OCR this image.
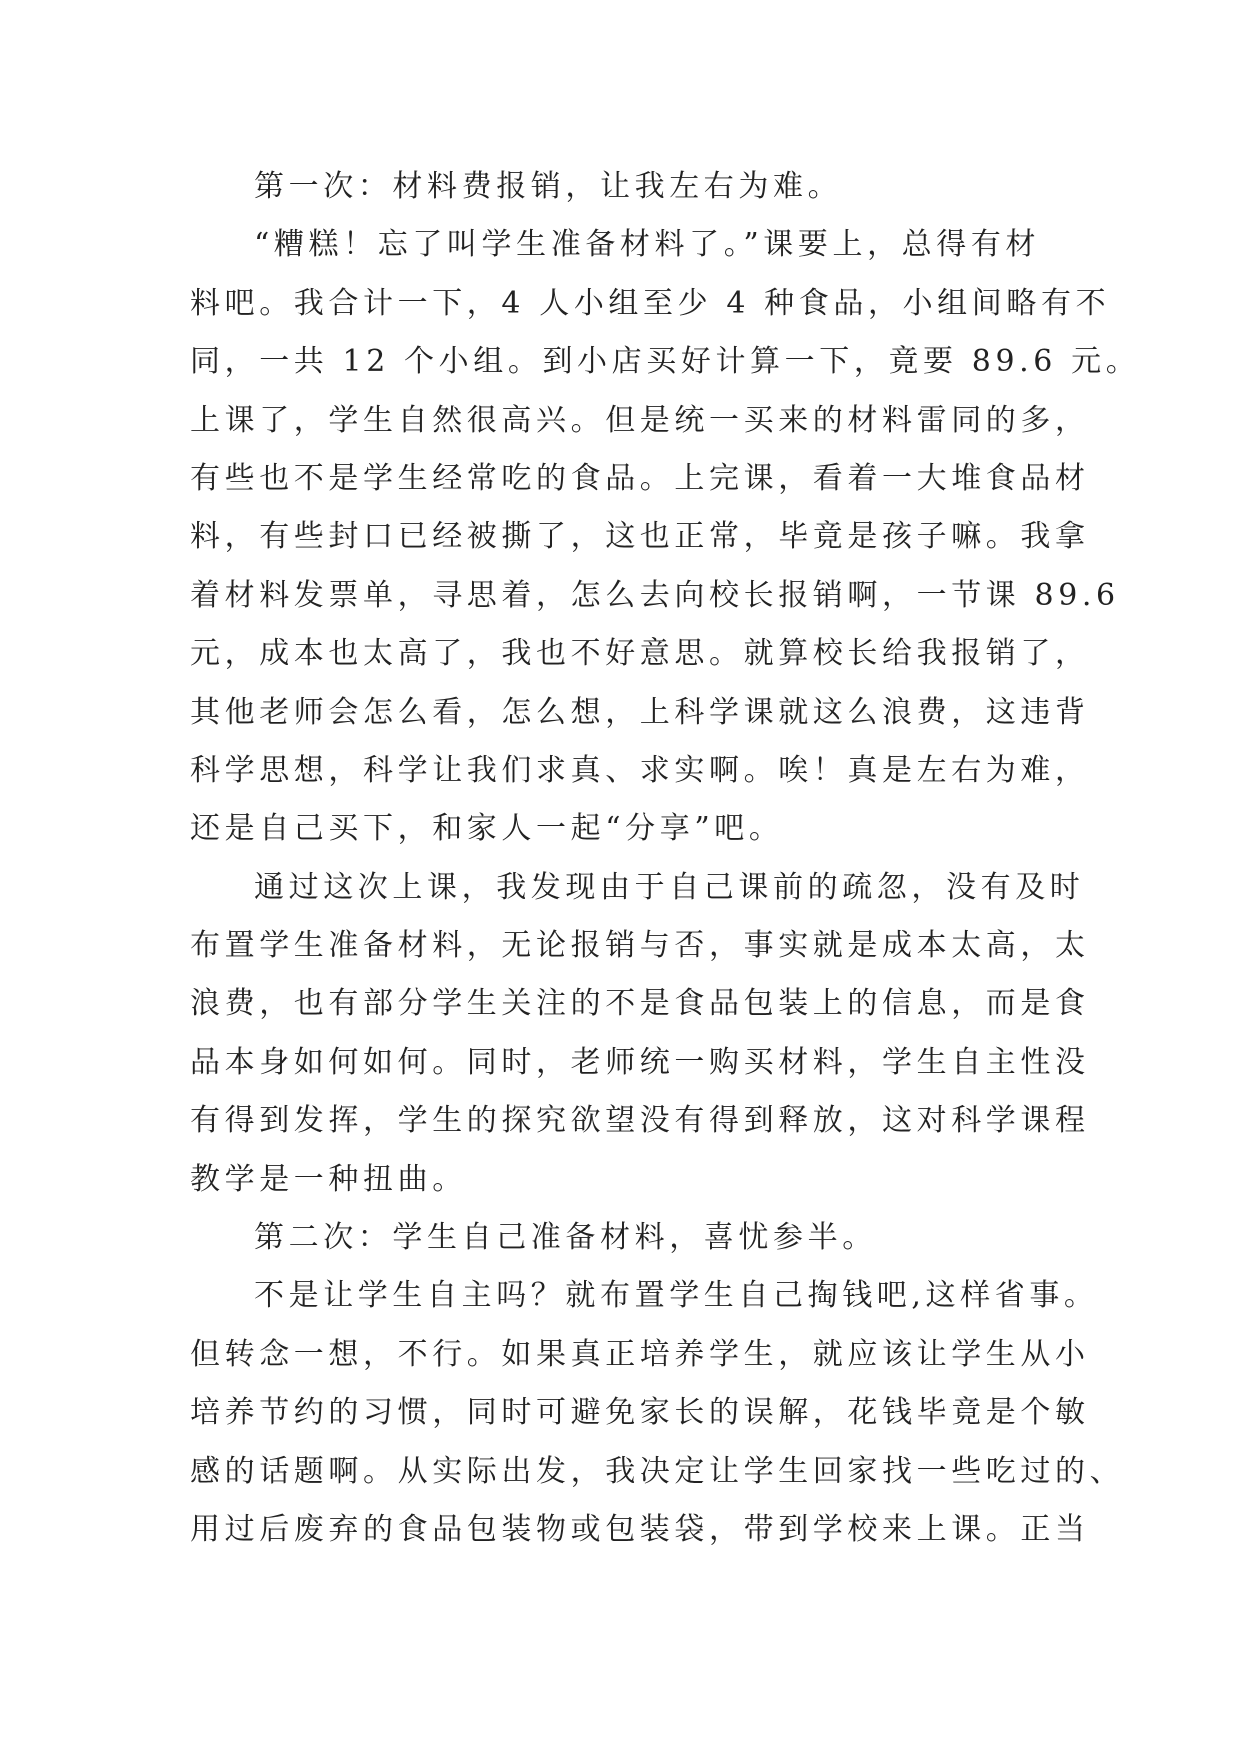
第一次：材料费报销，让我左右为难。
“糟糕！忘了叫学生准备材料了。”课要上，总得有材
料吧。我合计一下，4 人小组至少 4 种食品，小组间略有不
同，一共 12 个小组。到小店买好计算一下，竟要 89.6 元。
上课了，学生自然很高兴。但是统一买来的材料雷同的多，
有些也不是学生经常吃的食品。上完课，看着一大堆食品材
料，有些封口已经被撕了，这也正常，毕竟是孩子嘛。我拿
着材料发票单，寻思着，怎么去向校长报销啊，一节课 89.6
元，成本也太高了，我也不好意思。就算校长给我报销了，
其他老师会怎么看，怎么想，上科学课就这么浪费，这违背
科学思想，科学让我们求真、求实啊。唉！真是左右为难，
还是自己买下，和家人一起“分享”吧。
通过这次上课，我发现由于自己课前的疏忽，没有及时
布置学生准备材料，无论报销与否，事实就是成本太高，太
浪费，也有部分学生关注的不是食品包装上的信息，而是食
品本身如何如何。同时，老师统一购买材料，学生自主性没
有得到发挥，学生的探究欲望没有得到释放，这对科学课程
教学是一种扭曲。
第二次：学生自己准备材料，喜忧参半。
不是让学生自主吗？就布置学生自己掏钱吧,这样省事。
但转念一想，不行。如果真正培养学生，就应该让学生从小
培养节约的习惯，同时可避免家长的误解，花钱毕竟是个敏
感的话题啊。从实际出发，我决定让学生回家找一些吃过的、
用过后废弃的食品包装物或包装袋，带到学校来上课。正当
